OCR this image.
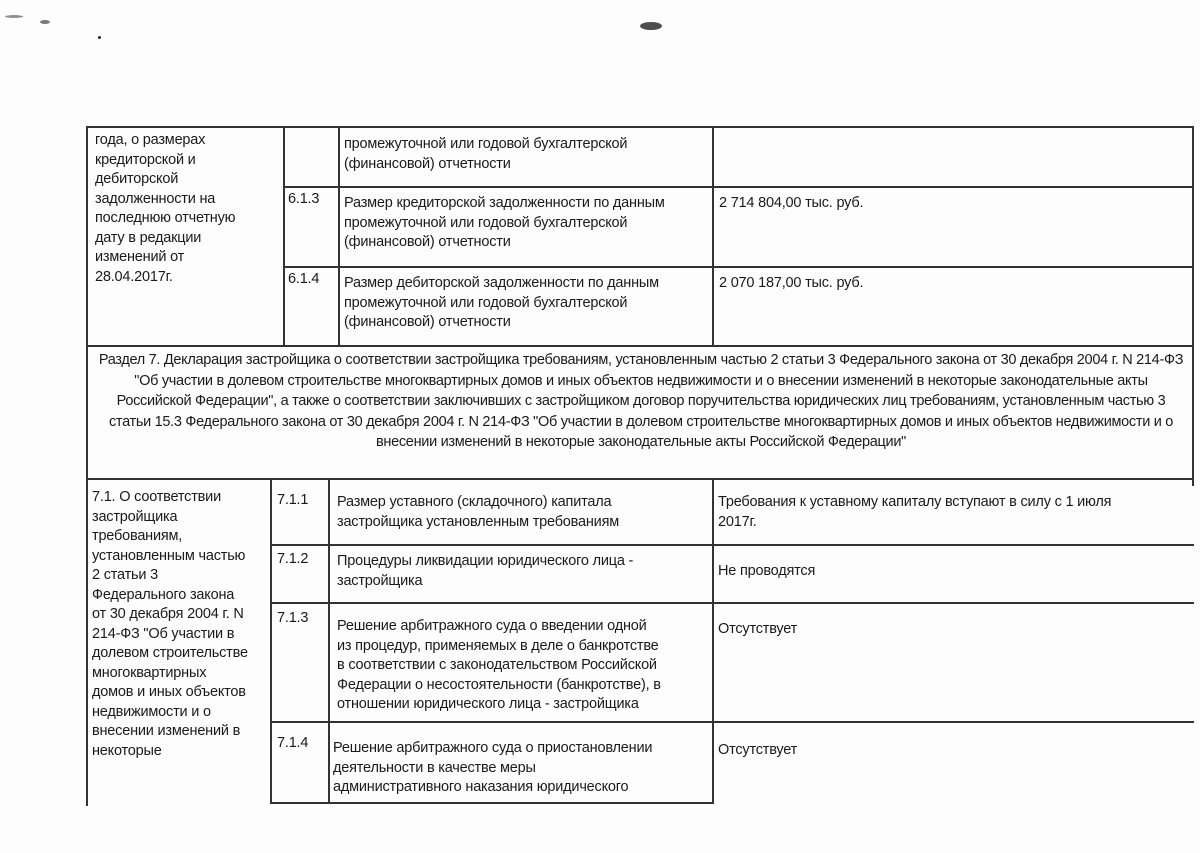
года, о размерах
кредиторской и
дебиторской
задолженности на
последнюю отчетную
дату в редакции
изменений от
28.04.2017г.
промежуточной или годовой бухгалтерской
(финансовой) отчетности
6.1.3 Размер кредиторской задолженности по данным
промежуточной или годовой бухгалтерской
(финансовой) отчетности
2 714 804,00 тыс. руб.
6.1.4 Размер дебиторской задолженности по данным
промежуточной или годовой бухгалтерской
(финансовой) отчетности
2 070 187,00 тыс. руб.
Раздел 7. Декларация застройщика о соответствии застройщика требованиям, установленным частью 2 статьи 3 Федерального закона от 30 декабря 2004 г. N 214-ФЗ "Об участии в долевом строительстве многоквартирных домов и иных объектов недвижимости и о внесении изменений в некоторые законодательные акты Российской Федерации", а также о соответствии заключивших с застройщиком договор поручительства юридических лиц требованиям, установленным частью 3 статьи 15.3 Федерального закона от 30 декабря 2004 г. N 214-ФЗ "Об участии в долевом строительстве многоквартирных домов и иных объектов недвижимости и о внесении изменений в некоторые законодательные акты Российской Федерации"
7.1. О соответствии
застройщика
требованиям,
установленным частью
2 статьи 3
Федерального закона
от 30 декабря 2004 г. N
214-ФЗ "Об участии в
долевом строительстве
многоквартирных
домов и иных объектов
недвижимости и о
внесении изменений в
некоторые
7.1.1 Размер уставного (складочного) капитала
застройщика установленным требованиям
Требования к уставному капиталу вступают в силу с 1 июля
2017г.
7.1.2 Процедуры ликвидации юридического лица -
застройщика
Не проводятся
7.1.3 Решение арбитражного суда о введении одной
из процедур, применяемых в деле о банкротстве
в соответствии с законодательством Российской
Федерации о несостоятельности (банкротстве), в
отношении юридического лица - застройщика
Отсутствует
7.1.4 Решение арбитражного суда о приостановлении
деятельности в качестве меры
административного наказания юридического
Отсутствует
